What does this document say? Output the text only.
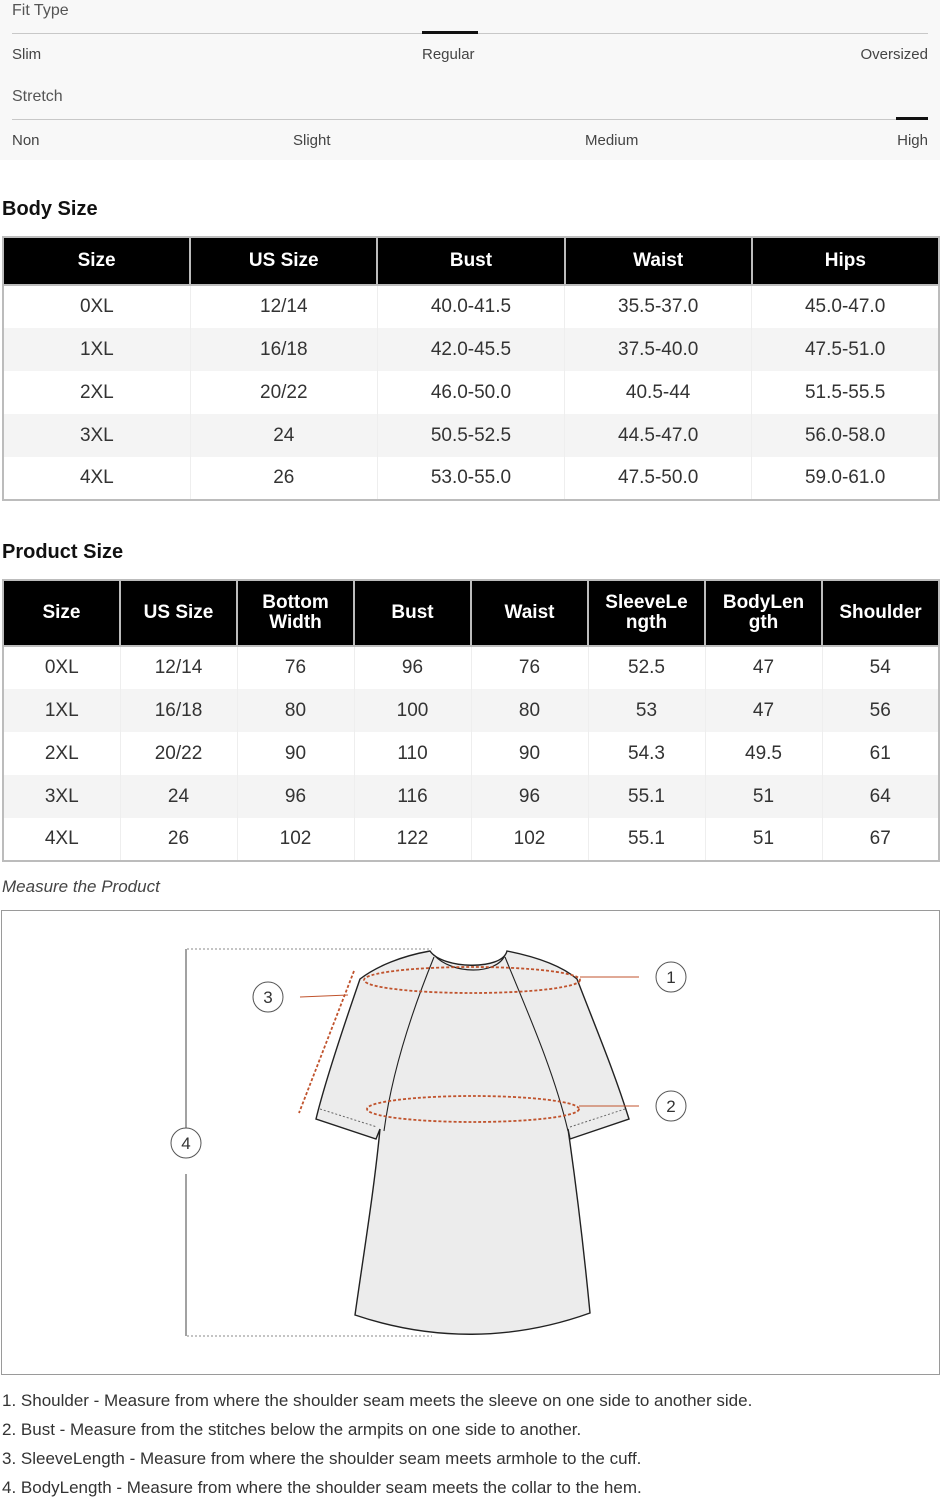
Fit Type
Slim	Regular	Oversized
Stretch
Non	Slight	Medium	High
Body Size
Size	US Size	Bust	Waist	Hips
0XL	12/14	40.0-41.5	35.5-37.0	45.0-47.0
1XL	16/18	42.0-45.5	37.5-40.0	47.5-51.0
2XL	20/22	46.0-50.0	40.5-44	51.5-55.5
3XL	24	50.5-52.5	44.5-47.0	56.0-58.0
4XL	26	53.0-55.0	47.5-50.0	59.0-61.0
Product Size
Size	US Size	Bottom Width	Bust	Waist	SleeveLe ngth	BodyLen gth	Shoulder
0XL	12/14	76	96	76	52.5	47	54
1XL	16/18	80	100	80	53	47	56
2XL	20/22	90	110	90	54.3	49.5	61
3XL	24	96	116	96	55.1	51	64
4XL	26	102	122	102	55.1	51	67
Measure the Product
1
2
3
4

1. Shoulder - Measure from where the shoulder seam meets the sleeve on one side to another side.

2. Bust - Measure from the stitches below the armpits on one side to another.

3. SleeveLength - Measure from where the shoulder seam meets armhole to the cuff.

4. BodyLength - Measure from where the shoulder seam meets the collar to the hem.
